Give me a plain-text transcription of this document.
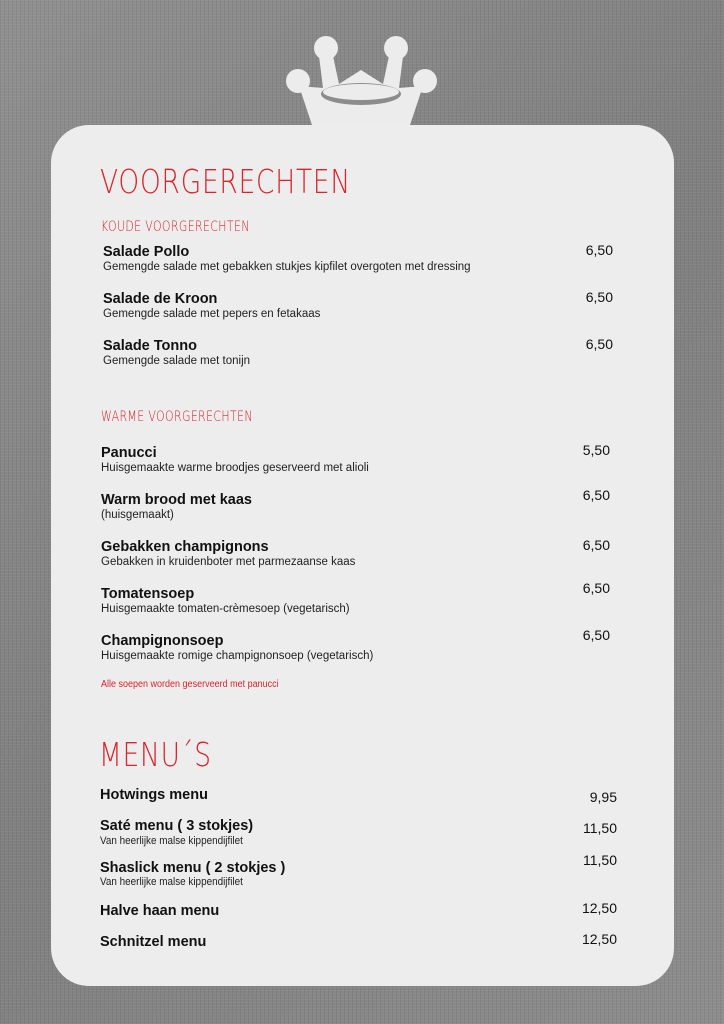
VOORGERECHTEN
KOUDE VOORGERECHTEN
Salade Pollo
Gemengde salade met gebakken stukjes kipfilet overgoten met dressing
6,50
Salade de Kroon
Gemengde salade met pepers en fetakaas
6,50
Salade Tonno
Gemengde salade met tonijn
6,50
WARME VOORGERECHTEN
Panucci
Huisgemaakte warme broodjes geserveerd met alioli
5,50
Warm brood met kaas
(huisgemaakt)
6,50
Gebakken champignons
Gebakken in kruidenboter met parmezaanse kaas
6,50
Tomatensoep
Huisgemaakte tomaten-crèmesoep (vegetarisch)
6,50
Champignonsoep
Huisgemaakte romige champignonsoep (vegetarisch)
6,50
Alle soepen worden geserveerd met panucci
MENU´S
Hotwings menu	9,95
Saté menu ( 3 stokjes)
Van heerlijke malse kippendijfilet
11,50
Shaslick menu ( 2 stokjes )
Van heerlijke malse kippendijfilet
11,50
Halve haan menu	12,50
Schnitzel menu	12,50
